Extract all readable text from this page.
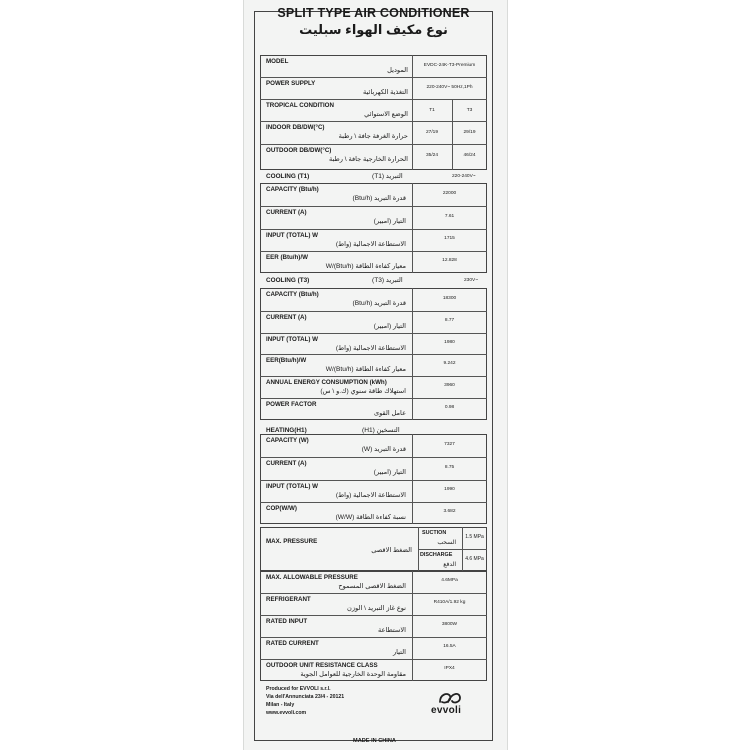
SPLIT TYPE AIR CONDITIONER
نوع مكيف الهواء سبليت
MODEL
الموديل
EVDC-24K-T3-Premium
POWER SUPPLY
التغذية الكهربائية
220-240V~ 50Hz,1Ph
TROPICAL CONDITION
الوضع الاستوائي
T1	T3
INDOOR DB/DW(°C)
حرارة الغرفة جافة \ رطبة
27/19	29/19
OUTDOOR DB/DW(°C)
الحرارة الخارجية جافة \ رطبة
35/24	46/24
COOLING (T1)	التبريد (T1)	220-240V~
CAPACITY (Btu/h)
قدرة التبريد (Btu/h)
22000
CURRENT (A)
التيار (امبير)
7.61
INPUT (TOTAL) W
الاستطاعة الاجمالية (واط)
1715
EER (Btu/h)/W
معيار كفاءة الطاقة (Btu/h)/W
12.828
COOLING (T3)	التبريد (T3)	230V~
CAPACITY (Btu/h)
قدرة التبريد (Btu/h)
18300
CURRENT (A)
التيار (امبير)
8.77
INPUT (TOTAL) W
الاستطاعة الاجمالية (واط)
1980
EER(Btu/h)/W
معيار كفاءة الطاقة (Btu/h)/W
9.242
ANNUAL ENERGY CONSUMPTION (kWh)
استهلاك طاقة سنوي (ك.و \ س)
3960
POWER FACTOR
عامل القوى
0.98
HEATING(H1)	التسخين (H1)
CAPACITY (W)
قدرة التبريد (W)
7327
CURRENT (A)
التيار (امبير)
8.75
INPUT (TOTAL) W
الاستطاعة الاجمالية (واط)
1990
COP(W/W)
نسبة كفاءة الطاقة (W/W)
3.682
MAX. PRESSURE
الضغط الاقصى
SUCTION
السحب
1.5 MPa
DISCHARGE
الدفع
4.6 MPa
MAX. ALLOWABLE PRESSURE
الضغط الاقصى المسموح
4.6MPa
REFRIGERANT
نوع غاز التبريد \ الوزن
R410A/1.92 kg
RATED INPUT
الاستطاعة
3800W
RATED CURRENT
التيار
16.5A
OUTDOOR UNIT RESISTANCE CLASS
مقاومة الوحدة الخارجية للعوامل الجوية
IPX4
Produced for EVVOLI s.r.l.
Via dell'Annunciata 23/4 - 20121
Milan - Italy
www.evvoli.com	evvoli
MADE IN CHINA
